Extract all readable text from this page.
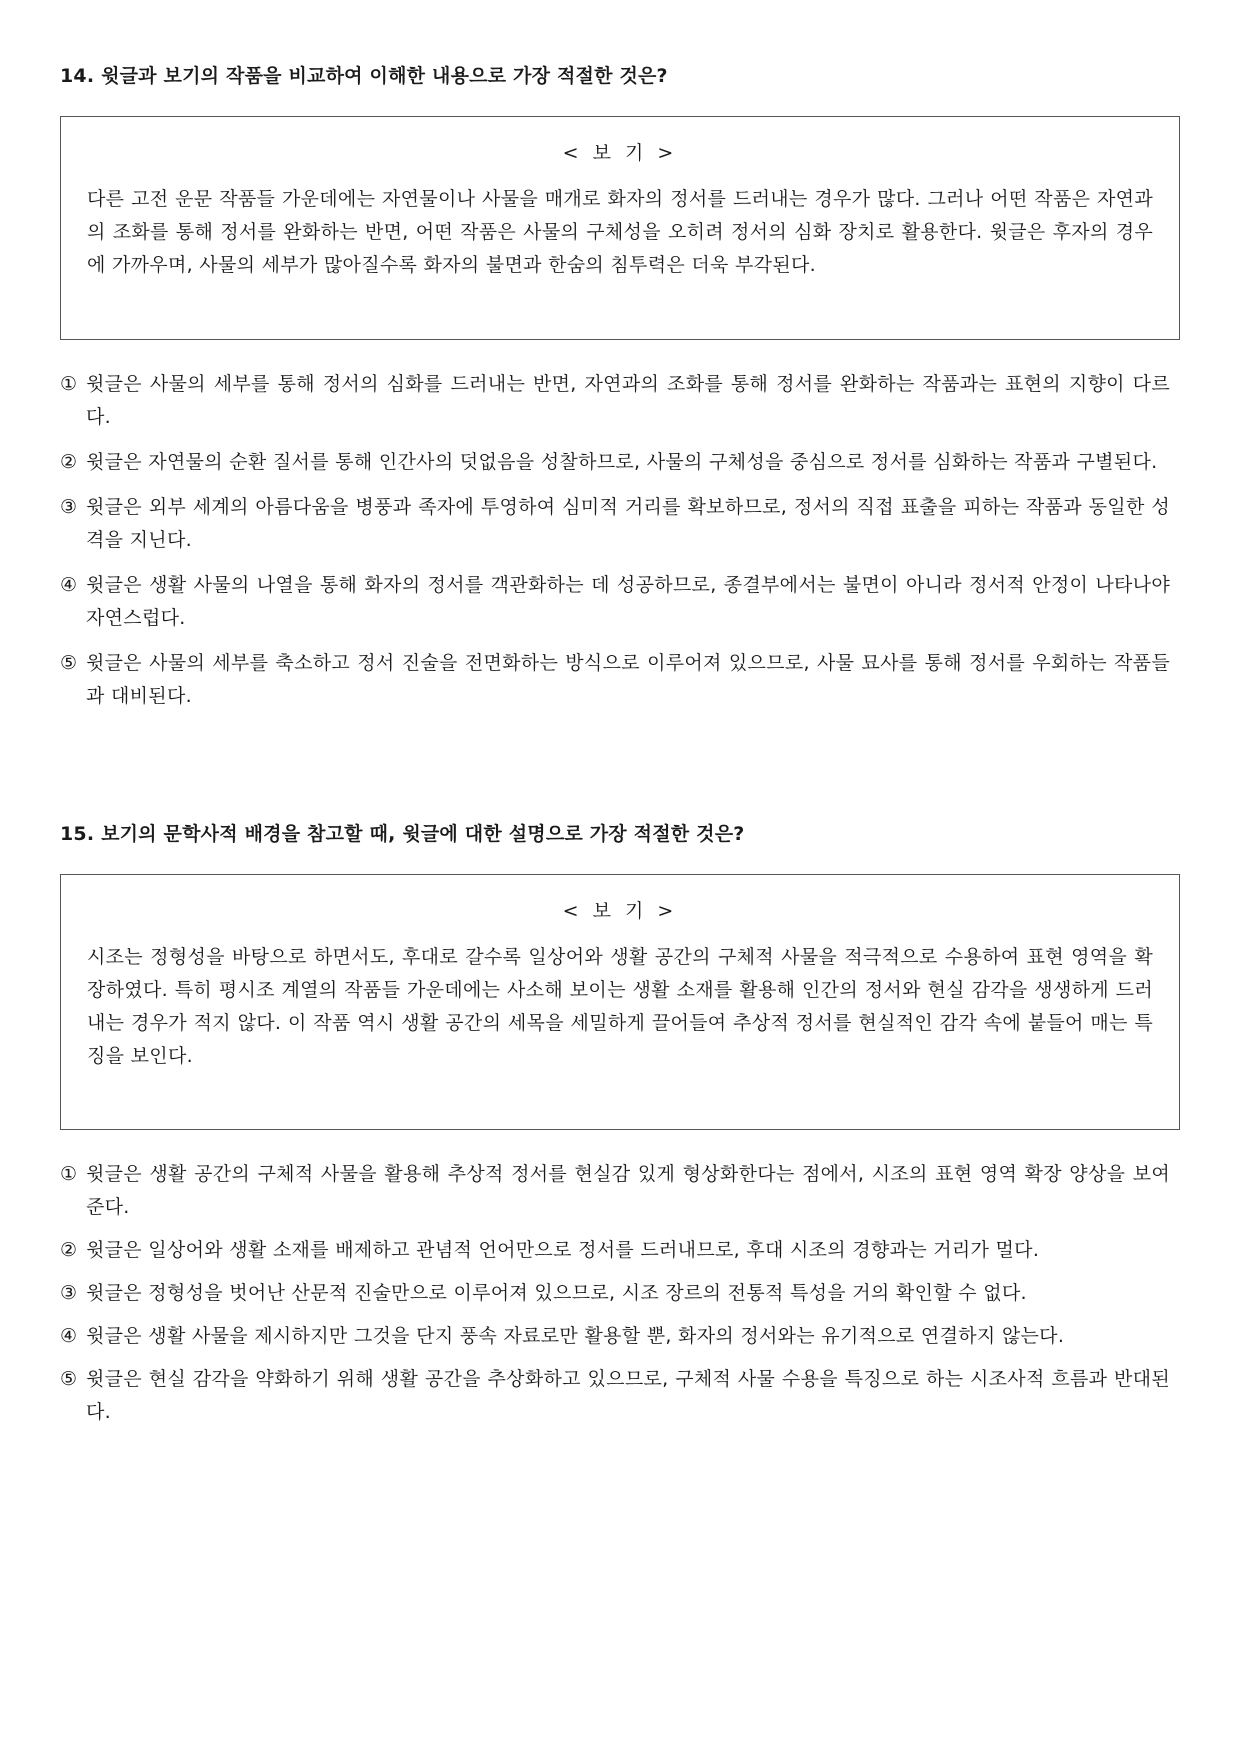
14. 윗글과 보기의 작품을 비교하여 이해한 내용으로 가장 적절한 것은?

< 보 기 >

다른 고전 운문 작품들 가운데에는 자연물이나 사물을 매개로 화자의 정서를 드러내는 경우가 많다. 그러나 어떤 작품은 자연과의 조화를 통해 정서를 완화하는 반면, 어떤 작품은 사물의 구체성을 오히려 정서의 심화 장치로 활용한다. 윗글은 후자의 경우에 가까우며, 사물의 세부가 많아질수록 화자의 불면과 한숨의 침투력은 더욱 부각된다.

① 윗글은 사물의 세부를 통해 정서의 심화를 드러내는 반면, 자연과의 조화를 통해 정서를 완화하는 작품과는 표현의 지향이 다르다.
② 윗글은 자연물의 순환 질서를 통해 인간사의 덧없음을 성찰하므로, 사물의 구체성을 중심으로 정서를 심화하는 작품과 구별된다.
③ 윗글은 외부 세계의 아름다움을 병풍과 족자에 투영하여 심미적 거리를 확보하므로, 정서의 직접 표출을 피하는 작품과 동일한 성격을 지닌다.
④ 윗글은 생활 사물의 나열을 통해 화자의 정서를 객관화하는 데 성공하므로, 종결부에서는 불면이 아니라 정서적 안정이 나타나야 자연스럽다.
⑤ 윗글은 사물의 세부를 축소하고 정서 진술을 전면화하는 방식으로 이루어져 있으므로, 사물 묘사를 통해 정서를 우회하는 작품들과 대비된다.
15. 보기의 문학사적 배경을 참고할 때, 윗글에 대한 설명으로 가장 적절한 것은?

< 보 기 >

시조는 정형성을 바탕으로 하면서도, 후대로 갈수록 일상어와 생활 공간의 구체적 사물을 적극적으로 수용하여 표현 영역을 확장하였다. 특히 평시조 계열의 작품들 가운데에는 사소해 보이는 생활 소재를 활용해 인간의 정서와 현실 감각을 생생하게 드러내는 경우가 적지 않다. 이 작품 역시 생활 공간의 세목을 세밀하게 끌어들여 추상적 정서를 현실적인 감각 속에 붙들어 매는 특징을 보인다.

① 윗글은 생활 공간의 구체적 사물을 활용해 추상적 정서를 현실감 있게 형상화한다는 점에서, 시조의 표현 영역 확장 양상을 보여 준다.
② 윗글은 일상어와 생활 소재를 배제하고 관념적 언어만으로 정서를 드러내므로, 후대 시조의 경향과는 거리가 멀다.
③ 윗글은 정형성을 벗어난 산문적 진술만으로 이루어져 있으므로, 시조 장르의 전통적 특성을 거의 확인할 수 없다.
④ 윗글은 생활 사물을 제시하지만 그것을 단지 풍속 자료로만 활용할 뿐, 화자의 정서와는 유기적으로 연결하지 않는다.
⑤ 윗글은 현실 감각을 약화하기 위해 생활 공간을 추상화하고 있으므로, 구체적 사물 수용을 특징으로 하는 시조사적 흐름과 반대된다.
